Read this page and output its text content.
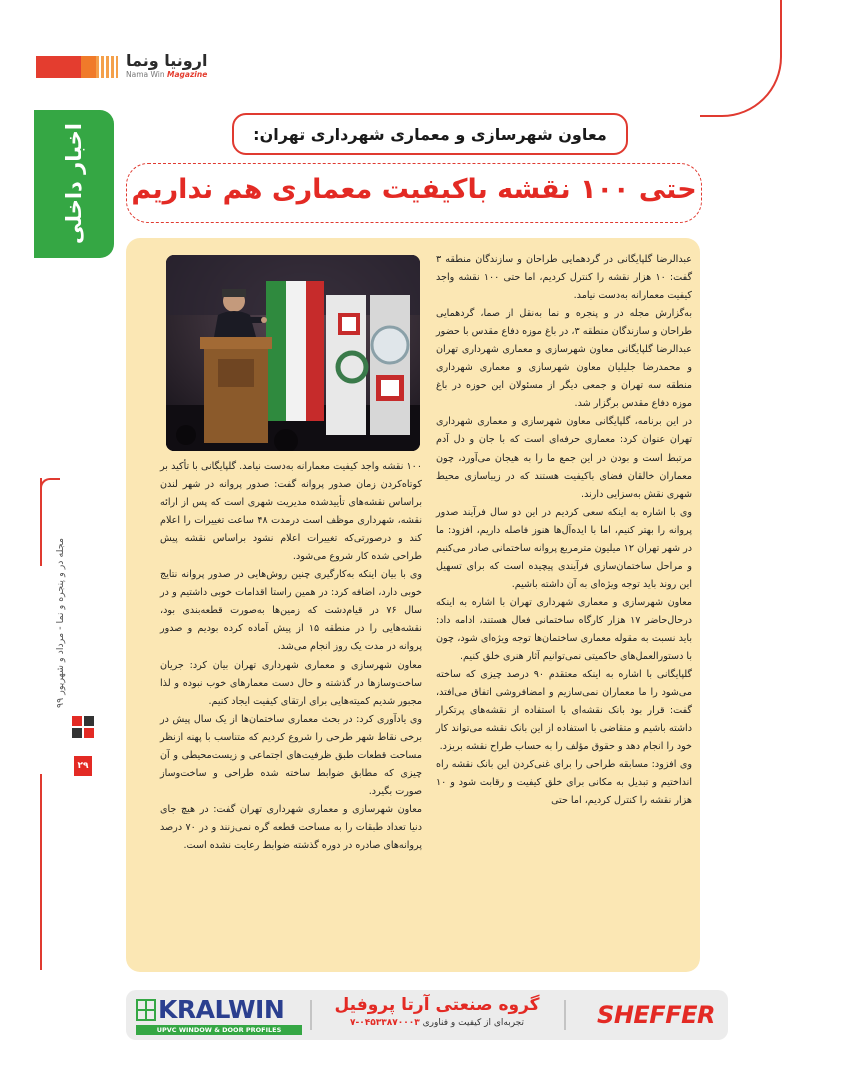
ارونیا ونما
Nama Win Magazine
اخبار داخلی	معاون شهرسازی و معماری شهرداری تهران:
حتی ۱۰۰ نقشه باکیفیت معماری هم نداریم

عبدالرضا گلپایگانی در گردهمایی طراحان و سازندگان منطقه ۳ گفت: ۱۰ هزار نقشه را کنترل کردیم، اما حتی ۱۰۰ نقشه واجد کیفیت معمارانه به‌دست نیامد.

به‌گزارش مجله در و پنجره و نما به‌نقل از صما، گردهمایی طراحان و سازندگان منطقه ۳، در باغ موزه دفاع مقدس با حضور عبدالرضا گلپایگانی معاون شهرسازی و معماری شهرداری تهران و محمدرضا جلیلیان معاون شهرسازی و معماری شهرداری منطقه سه تهران و جمعی دیگر از مسئولان این حوزه در باغ موزه دفاع مقدس برگزار شد.

در این برنامه، گلپایگانی معاون شهرسازی و معماری شهرداری تهران عنوان کرد: معماری حرفه‌ای است که با جان و دل آدم مرتبط است و بودن در این جمع ما را به هیجان می‌آورد، چون معماران خالقان فضای باکیفیت هستند که در زیباسازی محیط شهری نقش به‌سزایی دارند.

وی با اشاره به اینکه سعی کردیم در این دو سال فرآیند صدور پروانه را بهتر کنیم، اما با ایده‌آل‌ها هنوز فاصله داریم، افزود: ما در شهر تهران ۱۲ میلیون مترمربع پروانه ساختمانی صادر می‌کنیم و مراحل ساختمان‌سازی فرآیندی پیچیده است که برای تسهیل این روند باید توجه ویژه‌ای به آن داشته باشیم.

معاون شهرسازی و معماری شهرداری تهران با اشاره به اینکه درحال‌حاضر ۱۷ هزار کارگاه ساختمانی فعال هستند، ادامه داد: باید نسبت به مقوله معماری ساختمان‌ها توجه ویژه‌ای شود، چون با دستورالعمل‌های حاکمیتی نمی‌توانیم آثار هنری خلق کنیم.

گلپایگانی با اشاره به اینکه معتقدم ۹۰ درصد چیزی که ساخته می‌شود را ما معماران نمی‌سازیم و امضافروشی اتفاق می‌افتد، گفت: قرار بود بانک نقشه‌ای با استفاده از نقشه‌های پرتکرار داشته باشیم و متقاضی با استفاده از این بانک نقشه می‌تواند کار خود را انجام دهد و حقوق مؤلف را به حساب طراح نقشه بریزد.

وی افزود: مسابقه طراحی را برای غنی‌کردن این بانک نقشه راه انداختیم و تبدیل به مکانی برای خلق کیفیت و رقابت شود و ۱۰ هزار نقشه را کنترل کردیم، اما حتی

۱۰۰ نقشه واجد کیفیت معمارانه به‌دست نیامد. گلپایگانی با تأکید بر کوتاه‌کردن زمان صدور پروانه گفت: صدور پروانه در شهر لندن براساس نقشه‌های تأییدشده مدیریت شهری است که پس از ارائه نقشه، شهرداری موظف است درمدت ۴۸ ساعت تغییرات را اعلام کند و درصورتی‌که تغییرات اعلام نشود براساس نقشه پیش طراحی شده کار شروع می‌شود.

وی با بیان اینکه به‌کارگیری چنین روش‌هایی در صدور پروانه نتایج خوبی دارد، اضافه کرد: در همین راستا اقدامات خوبی داشتیم و در سال ۷۶ در قیام‌دشت که زمین‌ها به‌صورت قطعه‌بندی بود، نقشه‌هایی را در منطقه ۱۵ از پیش آماده کرده بودیم و صدور پروانه در مدت یک روز انجام می‌شد.

معاون شهرسازی و معماری شهرداری تهران بیان کرد: جریان ساخت‌وسازها در گذشته و حال دست معمارهای خوب نبوده و لذا مجبور شدیم کمیته‌هایی برای ارتقای کیفیت ایجاد کنیم.

وی یادآوری کرد: در بحث معماری ساختمان‌ها از یک سال پیش در برخی نقاط شهر طرحی را شروع کردیم که متناسب با پهنه ازنظر مساحت قطعات طبق ظرفیت‌های اجتماعی و زیست‌محیطی و آن چیزی که مطابق ضوابط ساخته شده طراحی و ساخت‌وساز صورت بگیرد.

معاون شهرسازی و معماری شهرداری تهران گفت: در هیچ جای دنیا تعداد طبقات را به مساحت قطعه گره نمی‌زنند و در ۷۰ درصد پروانه‌های صادره در دوره گذشته ضوابط رعایت نشده است.

مجله در و پنجره و نما - مرداد و شهریور ۹۹
۲۹
KRALWIN
UPVC WINDOW & DOOR PROFILES
گروه صنعتی آرتا پروفیل
تجربه‌ای از کیفیت و فناوری ۰۴۵۳۳۸۷۰۰۰۳-۷	SHEFFER
